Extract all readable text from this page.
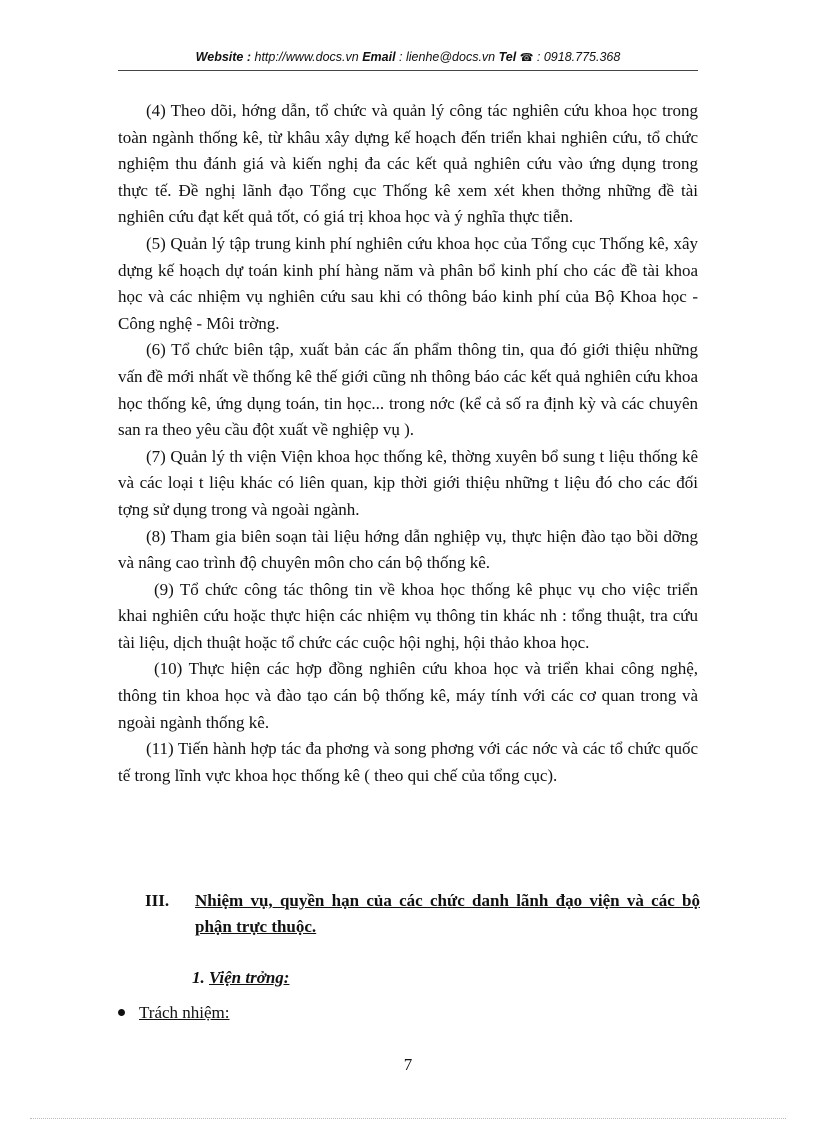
Website : http://www.docs.vn Email : lienhe@docs.vn Tel ☎ : 0918.775.368

(4) Theo dõi, hớng dẫn, tổ chức và quản lý công tác nghiên cứu khoa học trong toàn ngành thống kê, từ khâu xây dựng kế hoạch đến triển khai nghiên cứu, tổ chức nghiệm thu đánh giá và kiến nghị đa các kết quả nghiên cứu vào ứng dụng trong thực tế. Đề nghị lãnh đạo Tổng cục Thống kê xem xét khen thởng những đề tài nghiên cứu đạt kết quả tốt, có giá trị khoa học và ý nghĩa thực tiễn.

(5) Quản lý tập trung kinh phí nghiên cứu khoa học của Tổng cục Thống kê, xây dựng kế hoạch dự toán kinh phí hàng năm và phân bổ kinh phí cho các đề tài khoa học và các nhiệm vụ nghiên cứu sau khi có thông báo kinh phí của Bộ Khoa học - Công nghệ - Môi trờng.

(6) Tổ chức biên tập, xuất bản các ấn phẩm thông tin, qua đó giới thiệu những vấn đề mới nhất về thống kê thế giới cũng nh thông báo các kết quả nghiên cứu khoa học thống kê, ứng dụng toán, tin học... trong nớc (kể cả số ra định kỳ và các chuyên san ra theo yêu cầu đột xuất về nghiệp vụ ).

(7) Quản lý th viện Viện khoa học thống kê, thờng xuyên bổ sung t liệu thống kê và các loại t liệu khác có liên quan, kịp thời giới thiệu những t liệu đó cho các đối tợng sử dụng trong và ngoài ngành.

(8) Tham gia biên soạn tài liệu hớng dẫn nghiệp vụ, thực hiện đào tạo bồi dỡng và nâng cao trình độ chuyên môn cho cán bộ thống kê.

(9) Tổ chức công tác thông tin về khoa học thống kê phục vụ cho việc triển khai nghiên cứu hoặc thực hiện các nhiệm vụ thông tin khác nh : tổng thuật, tra cứu tài liệu, dịch thuật hoặc tổ chức các cuộc hội nghị, hội thảo khoa học.

(10) Thực hiện các hợp đồng nghiên cứu khoa học và triển khai công nghệ, thông tin khoa học và đào tạo cán bộ thống kê, máy tính với các cơ quan trong và ngoài ngành thống kê.

(11) Tiến hành hợp tác đa phơng và song phơng với các nớc và các tổ chức quốc tế trong lĩnh vực khoa học thống kê ( theo qui chế của tổng cục).

III. Nhiệm vụ, quyền hạn của các chức danh lãnh đạo viện và các bộ phận trực thuộc.
1. Viện trởng:
Trách nhiệm:
7
